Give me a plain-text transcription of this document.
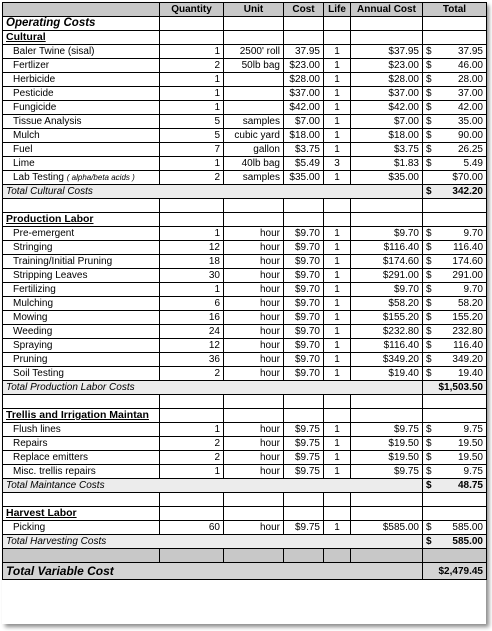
	Quantity	Unit	Cost	Life	Annual Cost	Total
Operating Costs						
Cultural						
Baler Twine (sisal)	1	2500' roll	37.95	1	$37.95	$ 37.95

Fertlizer	2	50lb bag	$23.00	1	$23.00	$ 46.00

Herbicide	1		$28.00	1	$28.00	$ 28.00

Pesticide	1		$37.00	1	$37.00	$ 37.00

Fungicide	1		$42.00	1	$42.00	$ 42.00

Tissue Analysis	5	samples	$7.00	1	$7.00	$ 35.00

Mulch	5	cubic yard	$18.00	1	$18.00	$ 90.00

Fuel	7	gallon	$3.75	1	$3.75	$ 26.25

Lime	1	40lb bag	$5.49	3	$1.83	$ 5.49

Lab Testing ( alpha/beta acids )	2	samples	$35.00	1	$35.00	$70.00
Total Cultural Costs						$ 342.20

Production Labor						
Pre-emergent	1	hour	$9.70	1	$9.70	$ 9.70

Stringing	12	hour	$9.70	1	$116.40	$ 116.40

Training/Initial Pruning	18	hour	$9.70	1	$174.60	$ 174.60

Stripping Leaves	30	hour	$9.70	1	$291.00	$ 291.00

Fertilizing	1	hour	$9.70	1	$9.70	$ 9.70

Mulching	6	hour	$9.70	1	$58.20	$ 58.20

Mowing	16	hour	$9.70	1	$155.20	$ 155.20

Weeding	24	hour	$9.70	1	$232.80	$ 232.80

Spraying	12	hour	$9.70	1	$116.40	$ 116.40

Pruning	36	hour	$9.70	1	$349.20	$ 349.20

Soil Testing	2	hour	$9.70	1	$19.40	$ 19.40

Total Production Labor Costs						$1,503.50

Trellis and Irrigation Maintan						
Flush lines	1	hour	$9.75	1	$9.75	$ 9.75

Repairs	2	hour	$9.75	1	$19.50	$ 19.50

Replace emitters	2	hour	$9.75	1	$19.50	$ 19.50

Misc. trellis repairs	1	hour	$9.75	1	$9.75	$ 9.75

Total Maintance Costs						$ 48.75

Harvest Labor						
Picking	60	hour	$9.75	1	$585.00	$ 585.00

Total Harvesting Costs						$ 585.00

Total Variable Cost						$2,479.45
